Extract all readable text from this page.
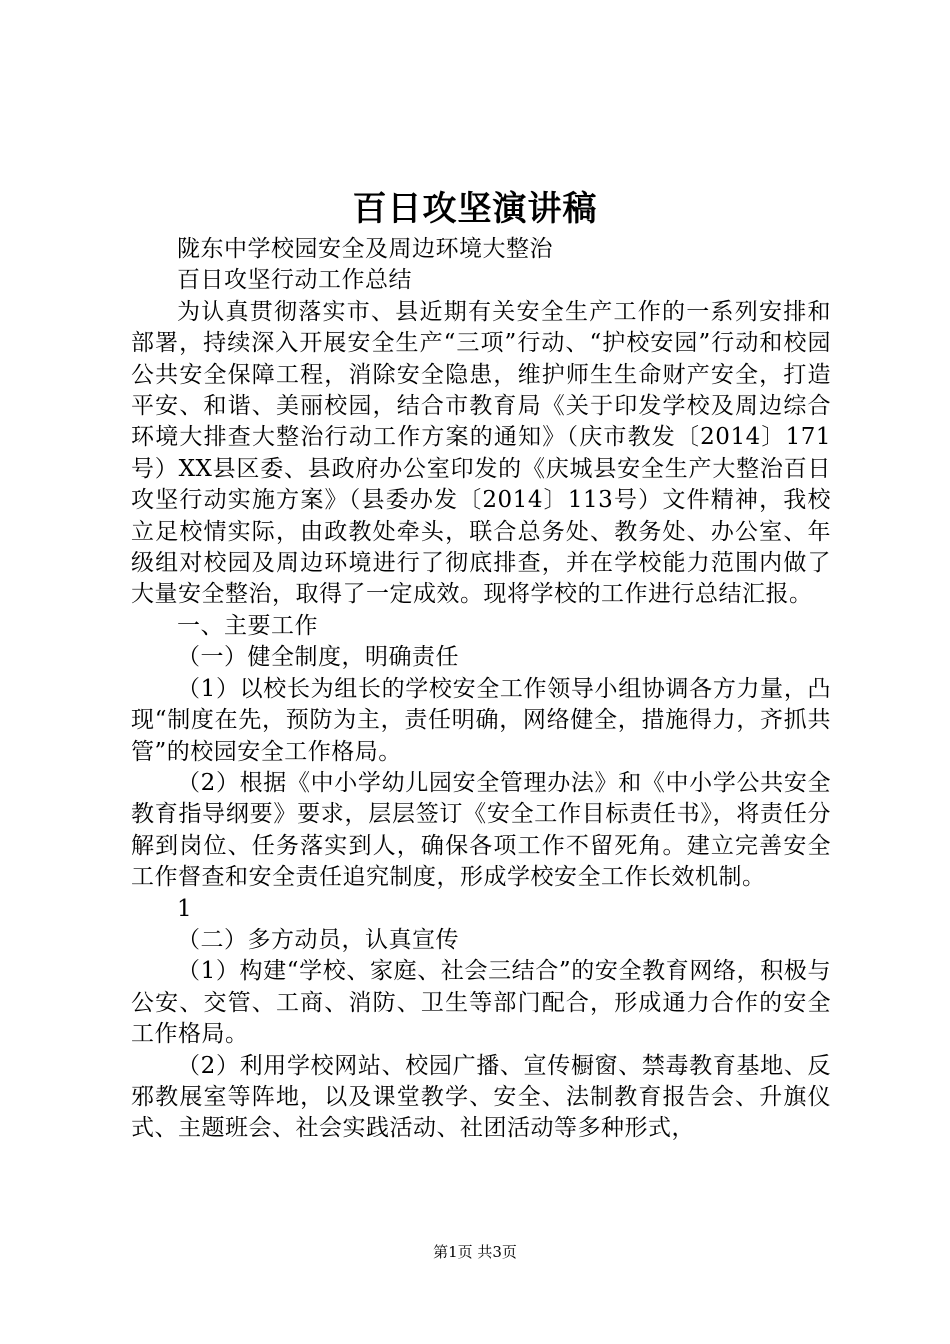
百日攻坚演讲稿

陇东中学校园安全及周边环境大整治

百日攻坚行动工作总结

为认真贯彻落实市、县近期有关安全生产工作的一系列安排和部署，持续深入开展安全生产“三项”行动、“护校安园”行动和校园公共安全保障工程，消除安全隐患，维护师生生命财产安全，打造平安、和谐、美丽校园，结合市教育局《关于印发学校及周边综合环境大排查大整治行动工作方案的通知》（庆市教发〔2014〕171号）XX县区委、县政府办公室印发的《庆城县安全生产大整治百日攻坚行动实施方案》（县委办发〔2014〕113号）文件精神，我校立足校情实际，由政教处牵头，联合总务处、教务处、办公室、年级组对校园及周边环境进行了彻底排查，并在学校能力范围内做了大量安全整治，取得了一定成效。现将学校的工作进行总结汇报。

一、主要工作

（一）健全制度，明确责任

（1）以校长为组长的学校安全工作领导小组协调各方力量，凸现“制度在先，预防为主，责任明确，网络健全，措施得力，齐抓共管”的校园安全工作格局。

（2）根据《中小学幼儿园安全管理办法》和《中小学公共安全教育指导纲要》要求，层层签订《安全工作目标责任书》，将责任分解到岗位、任务落实到人，确保各项工作不留死角。建立完善安全工作督查和安全责任追究制度，形成学校安全工作长效机制。

1

（二）多方动员，认真宣传

（1）构建“学校、家庭、社会三结合”的安全教育网络，积极与公安、交管、工商、消防、卫生等部门配合，形成通力合作的安全工作格局。

（2）利用学校网站、校园广播、宣传橱窗、禁毒教育基地、反邪教展室等阵地，以及课堂教学、安全、法制教育报告会、升旗仪式、主题班会、社会实践活动、社团活动等多种形式，

第1页 共3页
